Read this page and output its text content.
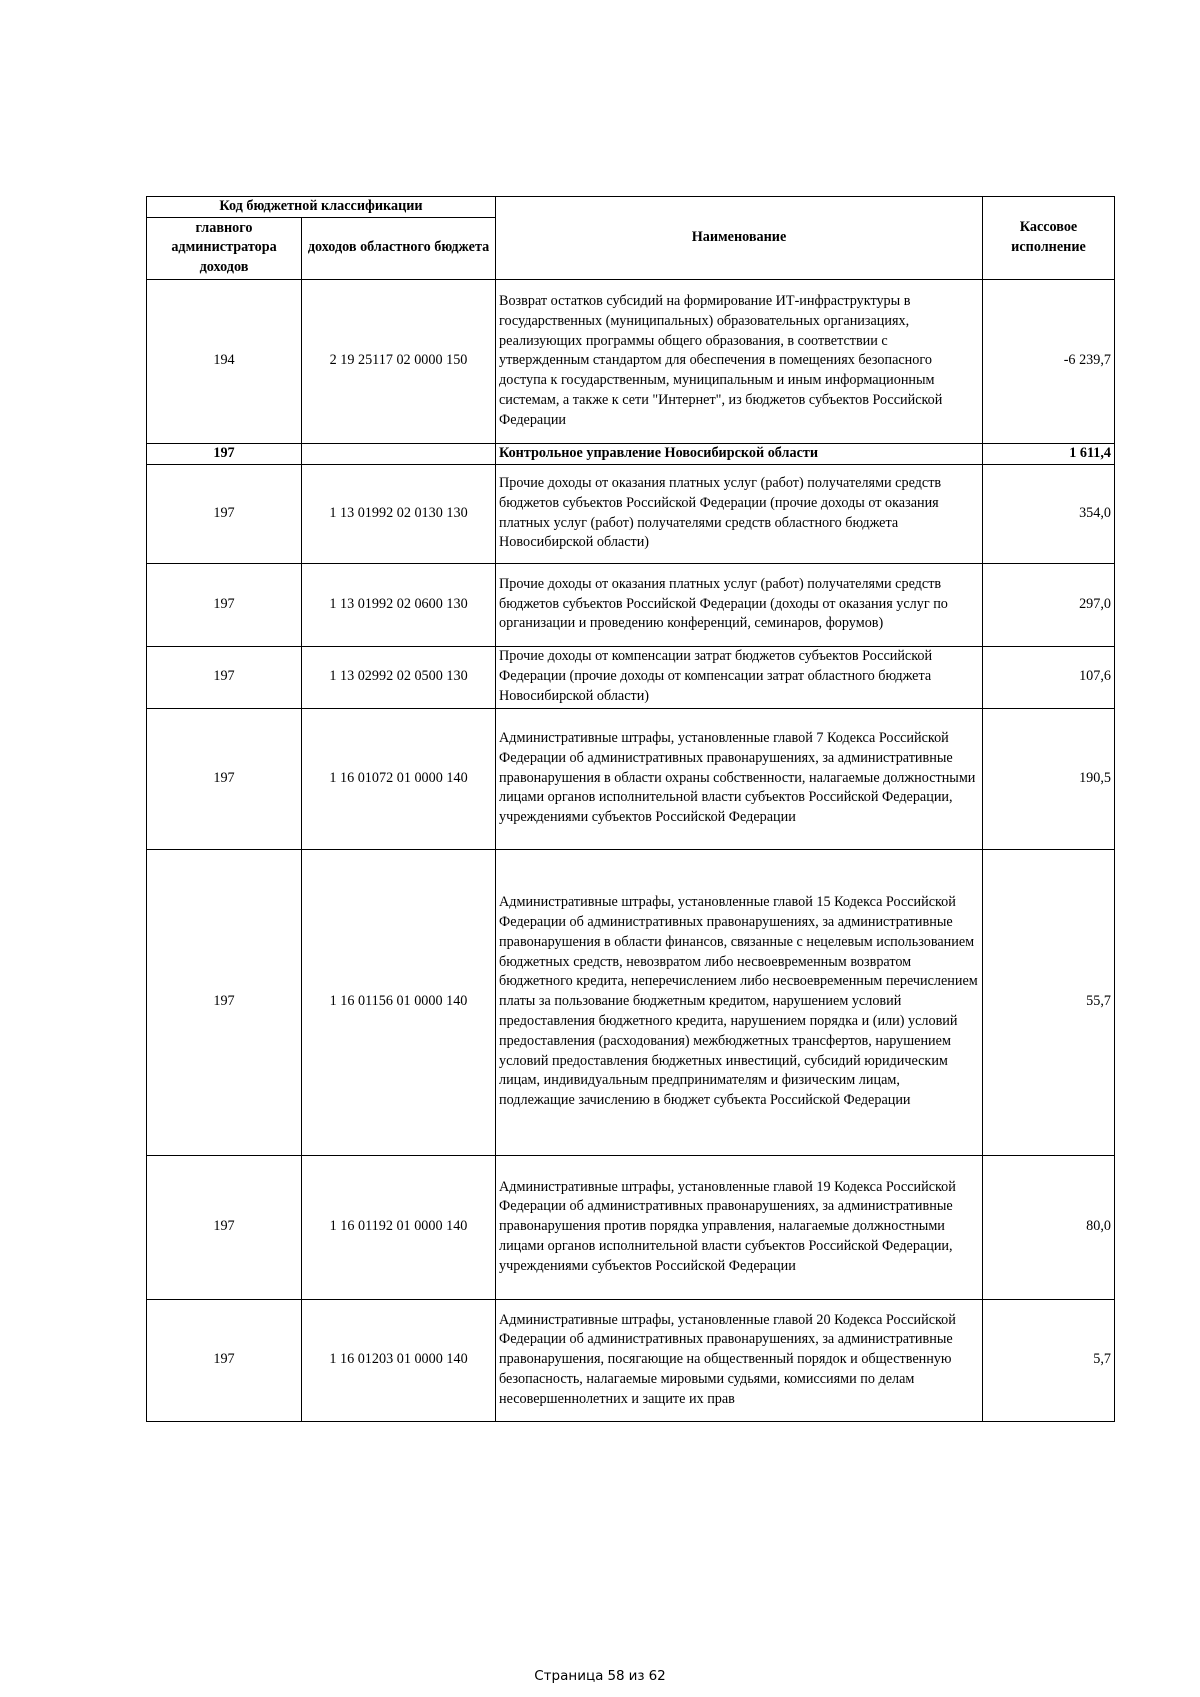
Код бюджетной классификации		Наименование	Кассовое исполнение
главного администратора доходов	доходов областного бюджета		
194	2 19 25117 02 0000 150	Возврат остатков субсидий на формирование ИТ-инфраструктуры в государственных (муниципальных) образовательных организациях, реализующих программы общего образования, в соответствии с утвержденным стандартом для обеспечения в помещениях безопасного доступа к государственным, муниципальным и иным информационным системам, а также к сети "Интернет", из бюджетов субъектов Российской Федерации	-6 239,7
197		Контрольное управление Новосибирской области	1 611,4
197	1 13 01992 02 0130 130	Прочие доходы от оказания платных услуг (работ) получателями средств бюджетов субъектов Российской Федерации (прочие доходы от оказания платных услуг (работ) получателями средств областного бюджета Новосибирской области)	354,0
197	1 13 01992 02 0600 130	Прочие доходы от оказания платных услуг (работ) получателями средств бюджетов субъектов Российской Федерации (доходы от оказания услуг по организации и проведению конференций, семинаров, форумов)	297,0
197	1 13 02992 02 0500 130	Прочие доходы от компенсации затрат бюджетов субъектов Российской Федерации (прочие доходы от компенсации затрат областного бюджета Новосибирской области)	107,6
197	1 16 01072 01 0000 140	Административные штрафы, установленные главой 7 Кодекса Российской Федерации об административных правонарушениях, за административные правонарушения в области охраны собственности, налагаемые должностными лицами органов исполнительной власти субъектов Российской Федерации, учреждениями субъектов Российской Федерации	190,5
197	1 16 01156 01 0000 140	Административные штрафы, установленные главой 15 Кодекса Российской Федерации об административных правонарушениях, за административные правонарушения в области финансов, связанные с нецелевым использованием бюджетных средств, невозвратом либо несвоевременным возвратом бюджетного кредита, неперечислением либо несвоевременным перечислением платы за пользование бюджетным кредитом, нарушением условий предоставления бюджетного кредита, нарушением порядка и (или) условий предоставления (расходования) межбюджетных трансфертов, нарушением условий предоставления бюджетных инвестиций, субсидий юридическим лицам, индивидуальным предпринимателям и физическим лицам, подлежащие зачислению в бюджет субъекта Российской Федерации	55,7
197	1 16 01192 01 0000 140	Административные штрафы, установленные главой 19 Кодекса Российской Федерации об административных правонарушениях, за административные правонарушения против порядка управления, налагаемые должностными лицами органов исполнительной власти субъектов Российской Федерации, учреждениями субъектов Российской Федерации	80,0
197	1 16 01203 01 0000 140	Административные штрафы, установленные главой 20 Кодекса Российской Федерации об административных правонарушениях, за административные правонарушения, посягающие на общественный порядок и общественную безопасность, налагаемые мировыми судьями, комиссиями по делам несовершеннолетних и защите их прав	5,7
Страница 58 из 62
